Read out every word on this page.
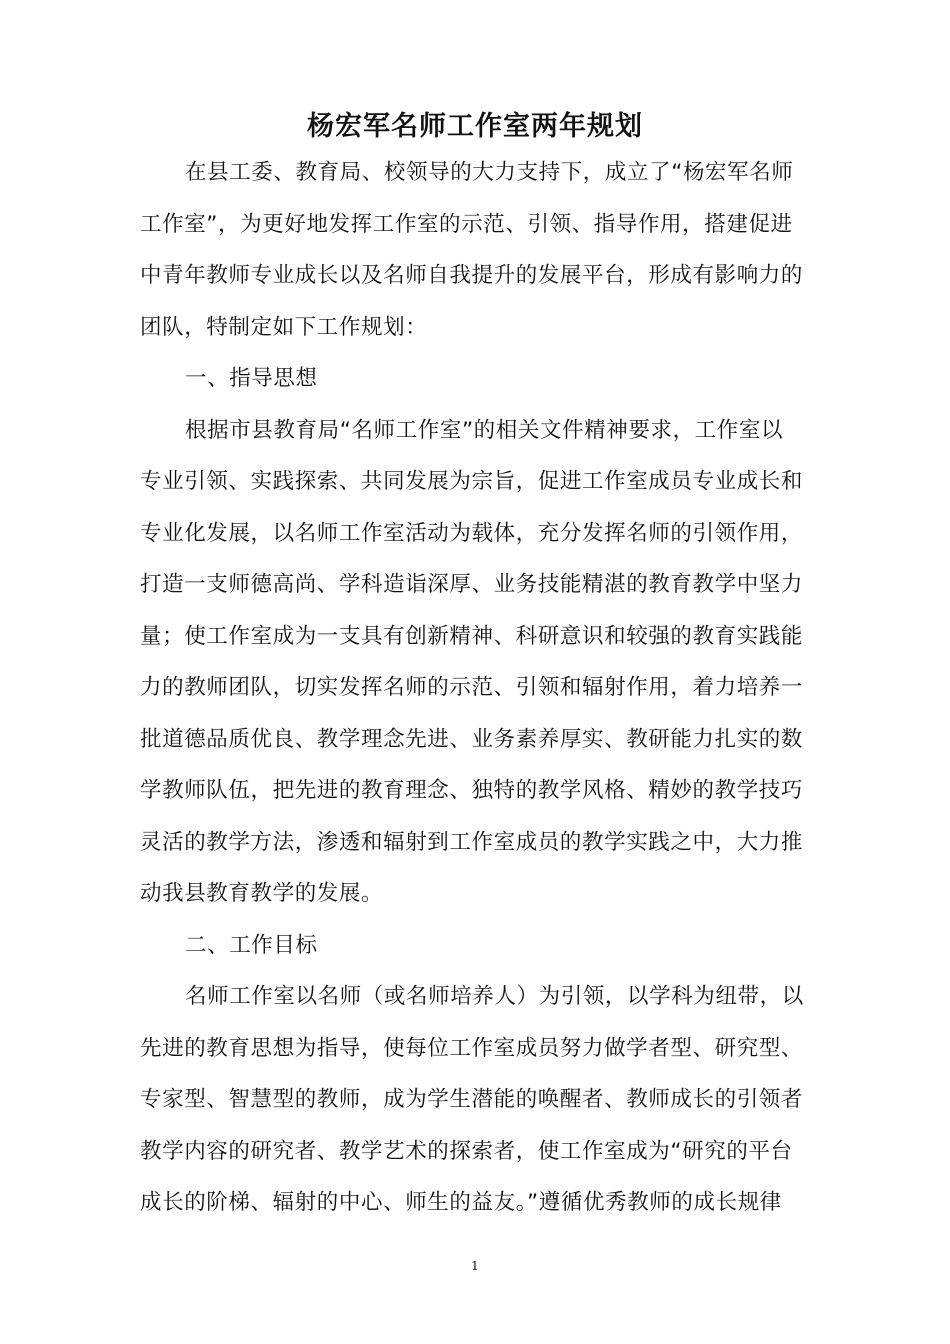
杨宏军名师工作室两年规划
在县工委、教育局、校领导的大力支持下，成立了“杨宏军名师
工作室”，为更好地发挥工作室的示范、引领、指导作用，搭建促进
中青年教师专业成长以及名师自我提升的发展平台，形成有影响力的
团队，特制定如下工作规划：
一、指导思想
根据市县教育局“名师工作室”的相关文件精神要求，工作室以
专业引领、实践探索、共同发展为宗旨，促进工作室成员专业成长和
专业化发展，以名师工作室活动为载体，充分发挥名师的引领作用，
打造一支师德高尚、学科造诣深厚、业务技能精湛的教育教学中坚力
量；使工作室成为一支具有创新精神、科研意识和较强的教育实践能
力的教师团队，切实发挥名师的示范、引领和辐射作用，着力培养一
批道德品质优良、教学理念先进、业务素养厚实、教研能力扎实的数
学教师队伍，把先进的教育理念、独特的教学风格、精妙的教学技巧
灵活的教学方法，渗透和辐射到工作室成员的教学实践之中，大力推
动我县教育教学的发展。
二、工作目标
名师工作室以名师（或名师培养人）为引领，以学科为纽带，以
先进的教育思想为指导，使每位工作室成员努力做学者型、研究型、
专家型、智慧型的教师，成为学生潜能的唤醒者、教师成长的引领者
教学内容的研究者、教学艺术的探索者，使工作室成为“研究的平台
成长的阶梯、辐射的中心、师生的益友。”遵循优秀教师的成长规律
1
